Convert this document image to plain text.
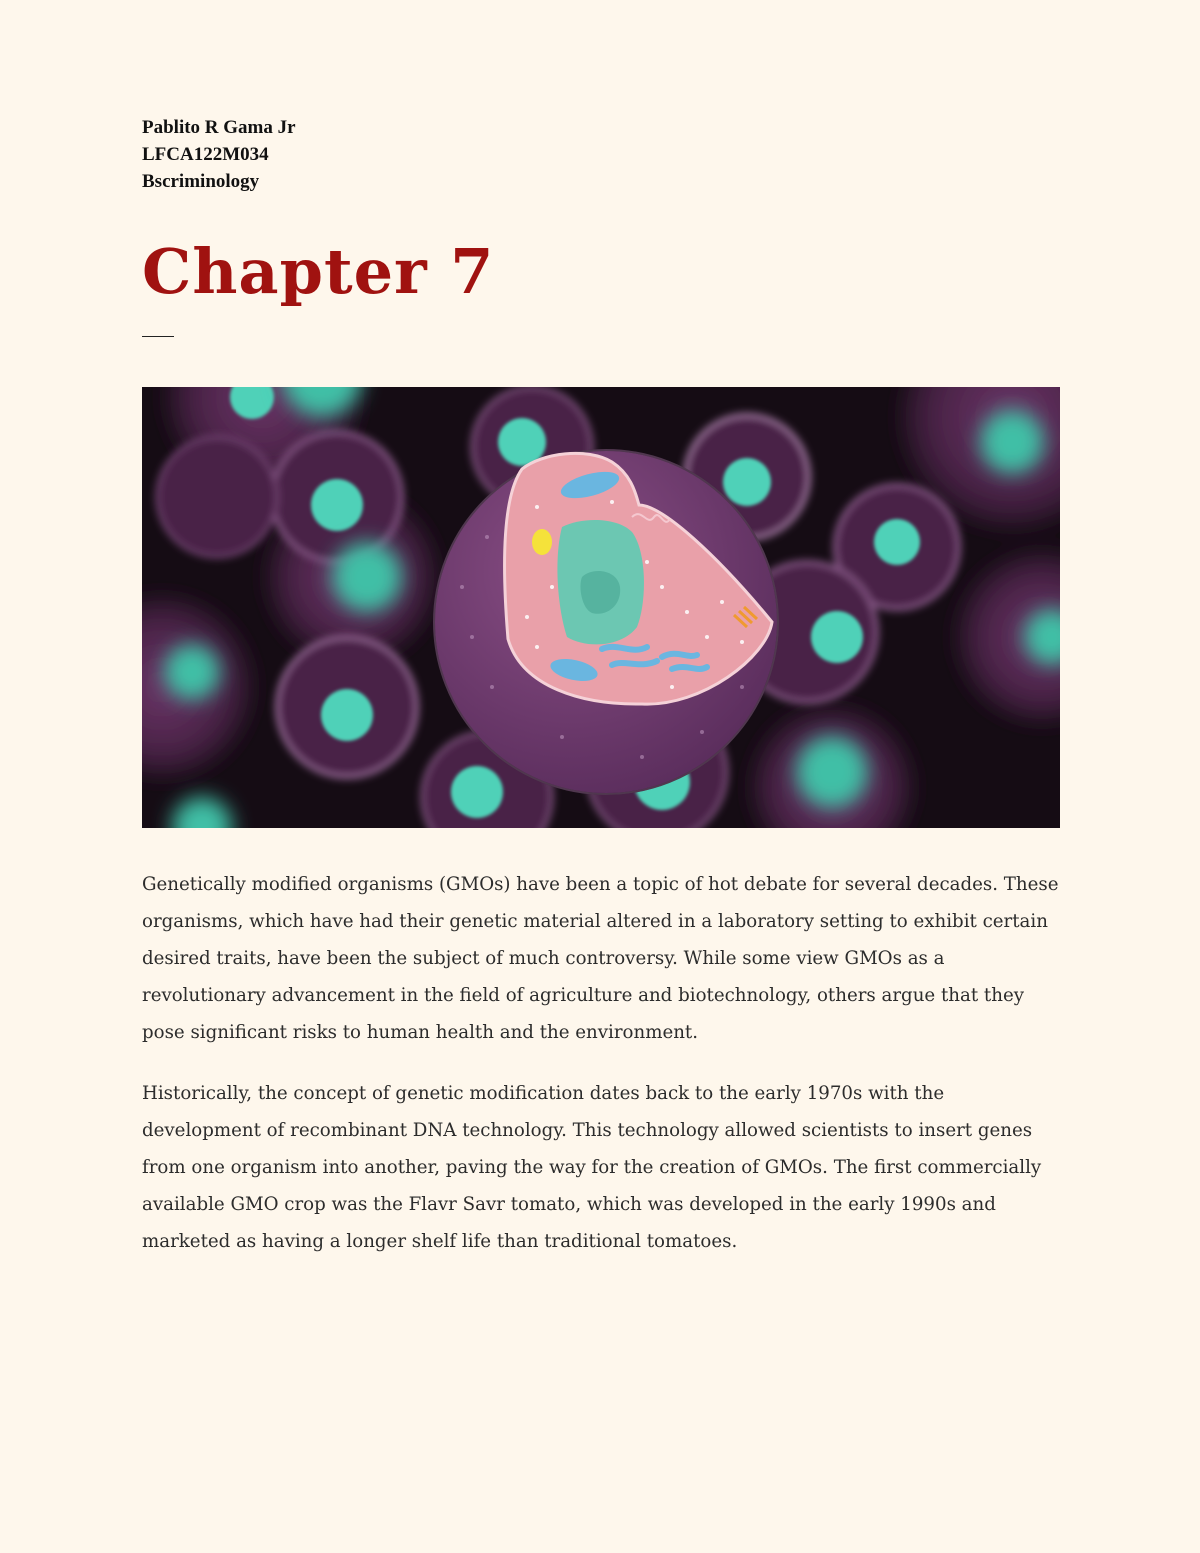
Pablito R Gama Jr
LFCA122M034
Bscriminology
Chapter 7

Genetically modified organisms (GMOs) have been a topic of hot debate for several decades. These organisms, which have had their genetic material altered in a laboratory setting to exhibit certain desired traits, have been the subject of much controversy. While some view GMOs as a revolutionary advancement in the field of agriculture and biotechnology, others argue that they pose significant risks to human health and the environment.

Historically, the concept of genetic modification dates back to the early 1970s with the development of recombinant DNA technology. This technology allowed scientists to insert genes from one organism into another, paving the way for the creation of GMOs. The first commercially available GMO crop was the Flavr Savr tomato, which was developed in the early 1990s and marketed as having a longer shelf life than traditional tomatoes.
